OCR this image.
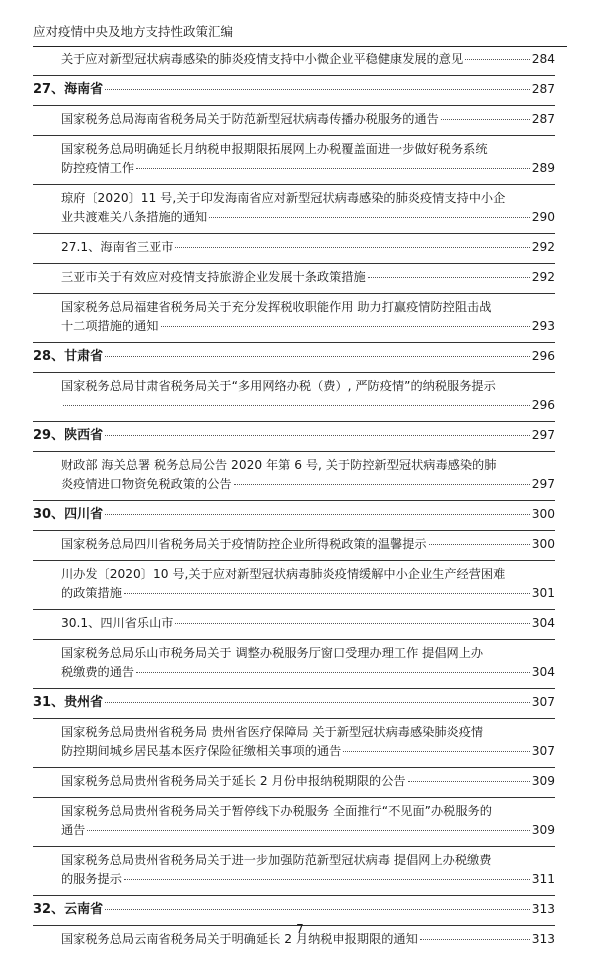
应对疫情中央及地方支持性政策汇编
关于应对新型冠状病毒感染的肺炎疫情支持中小微企业平稳健康发展的意见	284
27、海南省	287
国家税务总局海南省税务局关于防范新型冠状病毒传播办税服务的通告	287
国家税务总局明确延长月纳税申报期限拓展网上办税覆盖面进一步做好税务系统
防控疫情工作	289
琼府〔2020〕11 号,关于印发海南省应对新型冠状病毒感染的肺炎疫情支持中小企
业共渡难关八条措施的通知	290
27.1、海南省三亚市	292
三亚市关于有效应对疫情支持旅游企业发展十条政策措施	292
国家税务总局福建省税务局关于充分发挥税收职能作用 助力打赢疫情防控阻击战
十二项措施的通知	293
28、甘肃省	296
国家税务总局甘肃省税务局关于“多用网络办税（费）, 严防疫情”的纳税服务提示
296
29、陕西省	297
财政部 海关总署 税务总局公告 2020 年第 6 号, 关于防控新型冠状病毒感染的肺
炎疫情进口物资免税政策的公告	297
30、四川省	300
国家税务总局四川省税务局关于疫情防控企业所得税政策的温馨提示	300
川办发〔2020〕10 号,关于应对新型冠状病毒肺炎疫情缓解中小企业生产经营困难
的政策措施	301
30.1、四川省乐山市	304
国家税务总局乐山市税务局关于 调整办税服务厅窗口受理办理工作 提倡网上办
税缴费的通告	304
31、贵州省	307
国家税务总局贵州省税务局 贵州省医疗保障局 关于新型冠状病毒感染肺炎疫情
防控期间城乡居民基本医疗保险征缴相关事项的通告	307
国家税务总局贵州省税务局关于延长 2 月份申报纳税期限的公告	309
国家税务总局贵州省税务局关于暂停线下办税服务 全面推行“不见面”办税服务的
通告	309
国家税务总局贵州省税务局关于进一步加强防范新型冠状病毒 提倡网上办税缴费
的服务提示	311
32、云南省	313
国家税务总局云南省税务局关于明确延长 2 月纳税申报期限的通知	313
7
